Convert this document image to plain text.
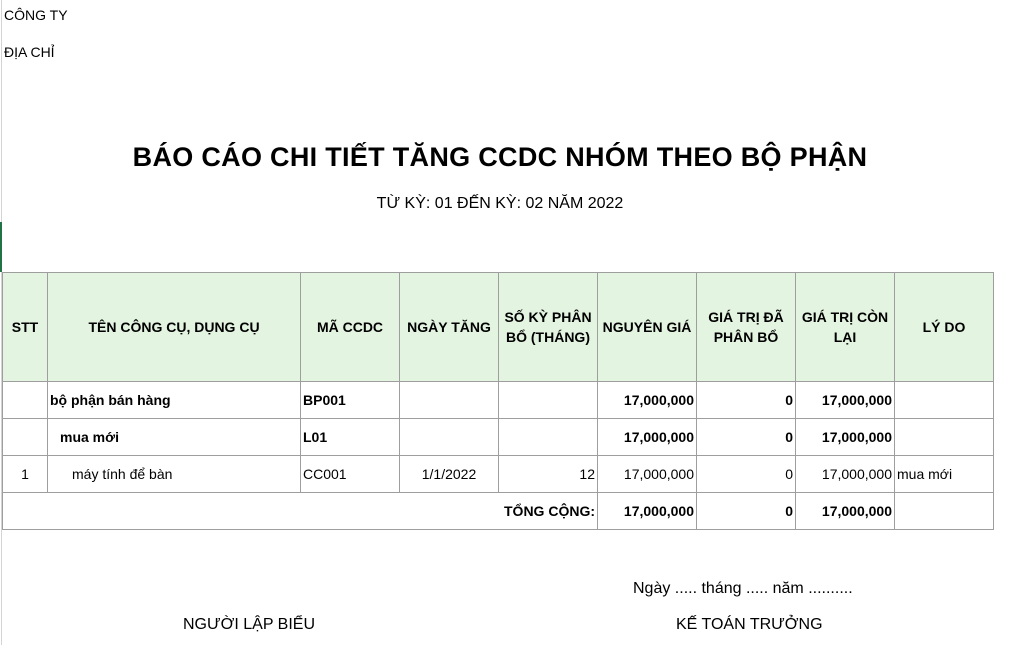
CÔNG TY
ĐỊA CHỈ
BÁO CÁO CHI TIẾT TĂNG CCDC NHÓM THEO BỘ PHẬN
TỪ KỲ: 01 ĐẾN KỲ: 02 NĂM 2022
STT	TÊN CÔNG CỤ, DỤNG CỤ	MÃ CCDC	NGÀY TĂNG	SỐ KỲ PHÂN BỔ (THÁNG)	NGUYÊN GIÁ	GIÁ TRỊ ĐÃ PHÂN BỔ	GIÁ TRỊ CÒN LẠI	LÝ DO
	bộ phận bán hàng	BP001			17,000,000	0	17,000,000	
	mua mới	L01			17,000,000	0	17,000,000	
1	máy tính để bàn	CC001	1/1/2022	12	17,000,000	0	17,000,000	mua mới
TỔNG CỘNG:					17,000,000	0	17,000,000	
Ngày ..... tháng ..... năm ..........
NGƯỜI LẬP BIỂU	KẾ TOÁN TRƯỞNG
